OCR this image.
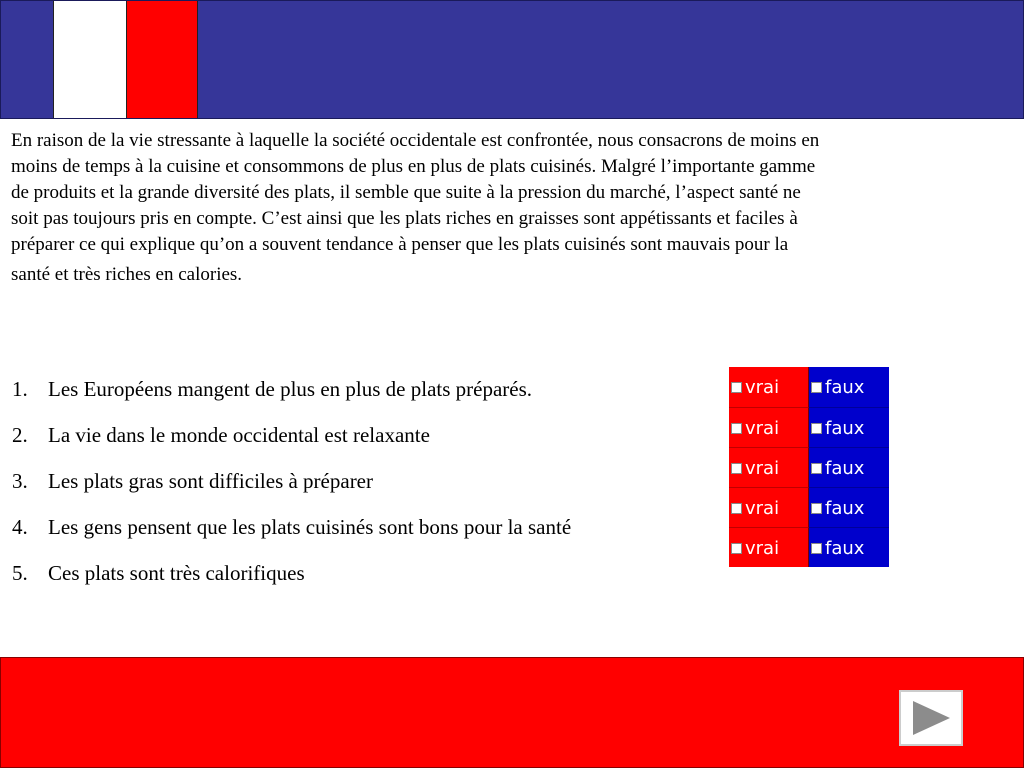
En raison de la vie stressante à laquelle la société occidentale est confrontée, nous consacrons de moins en
moins de temps à la cuisine et consommons de plus en plus de plats cuisinés. Malgré l’importante gamme
de produits et la grande diversité des plats, il semble que suite à la pression du marché, l’aspect santé ne
soit pas toujours pris en compte. C’est ainsi que les plats riches en graisses sont appétissants et faciles à
préparer ce qui explique qu’on a souvent tendance à penser que les plats cuisinés sont mauvais pour la
santé et très riches en calories.

1. Les Européens mangent de plus en plus de plats préparés.
2. La vie dans le monde occidental est relaxante
3. Les plats gras sont difficiles à préparer
4. Les gens pensent que les plats cuisinés sont bons pour la santé
5. Ces plats sont très calorifiques
vrai	faux
vrai	faux
vrai	faux
vrai	faux
vrai	faux
